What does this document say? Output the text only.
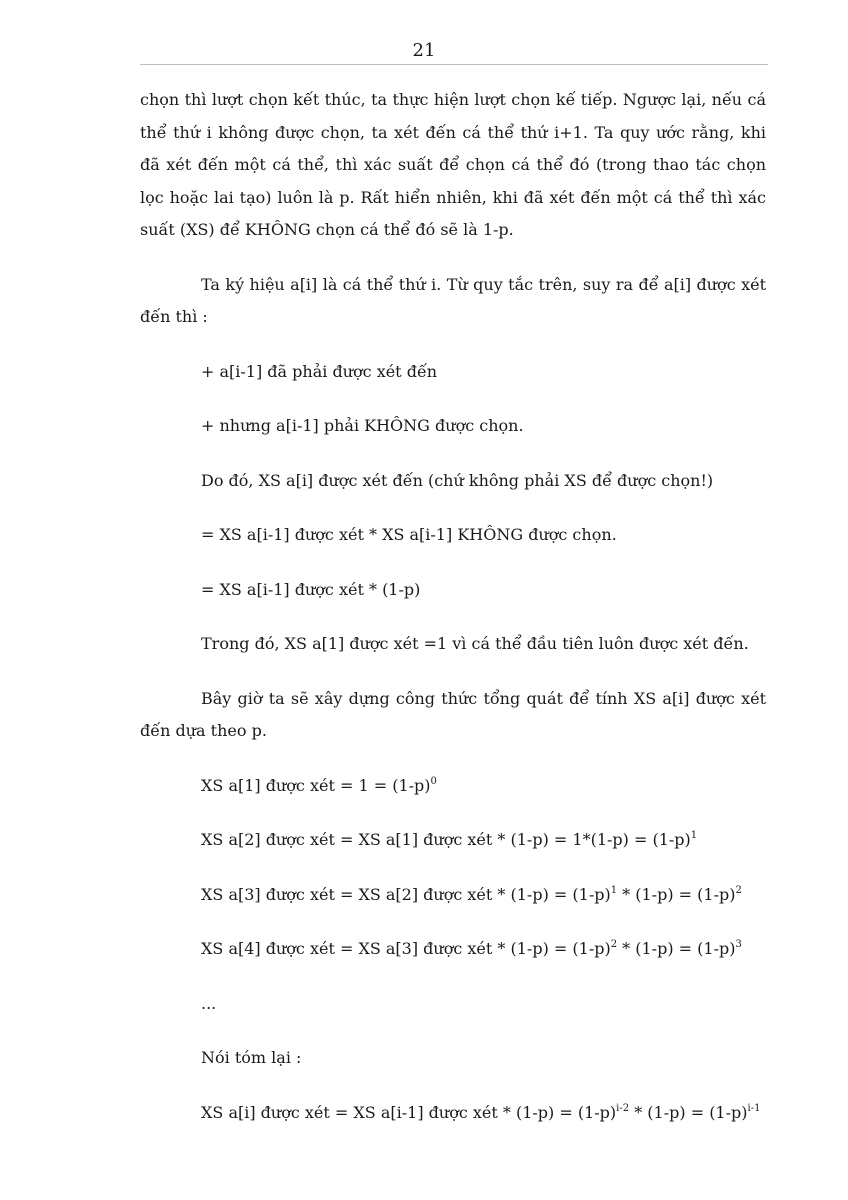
21

chọn thì lượt chọn kết thúc, ta thực hiện lượt chọn kế tiếp. Ngược lại, nếu cá thể thứ i không được chọn, ta xét đến cá thể thứ i+1. Ta quy ước rằng, khi đã xét đến một cá thể, thì xác suất để chọn cá thể đó (trong thao tác chọn lọc hoặc lai tạo) luôn là p. Rất hiển nhiên, khi đã xét đến một cá thể thì xác suất (XS) để KHÔNG chọn cá thể đó sẽ là 1-p.

Ta ký hiệu a[i] là cá thể thứ i. Từ quy tắc trên, suy ra để a[i] được xét đến thì :

+ a[i-1] đã phải được xét đến

+ nhưng a[i-1] phải KHÔNG được chọn.

Do đó, XS a[i] được xét đến (chứ không phải XS để được chọn!)

= XS a[i-1] được xét * XS a[i-1] KHÔNG được chọn.

= XS a[i-1] được xét * (1-p)

Trong đó, XS a[1] được xét =1 vì cá thể đầu tiên luôn được xét đến.

Bây giờ ta sẽ xây dựng công thức tổng quát để tính XS a[i] được xét đến dựa theo p.

XS a[1] được xét = $1 = (1-p)^0$

XS a[2] được xét = XS a[1] được xét * $(1-p) = 1*(1-p) = (1-p)^1$

XS a[3] được xét = XS a[2] được xét * $(1-p) = (1-p)^1 * (1-p) = (1-p)^2$

XS a[4] được xét = XS a[3] được xét * $(1-p) = (1-p)^2 * (1-p) = (1-p)^3$

...

Nói tóm lại :

XS a[i] được xét = XS a[i-1] được xét * $(1-p) = (1-p)^{i-2} * (1-p) = (1-p)^{i-1}$
